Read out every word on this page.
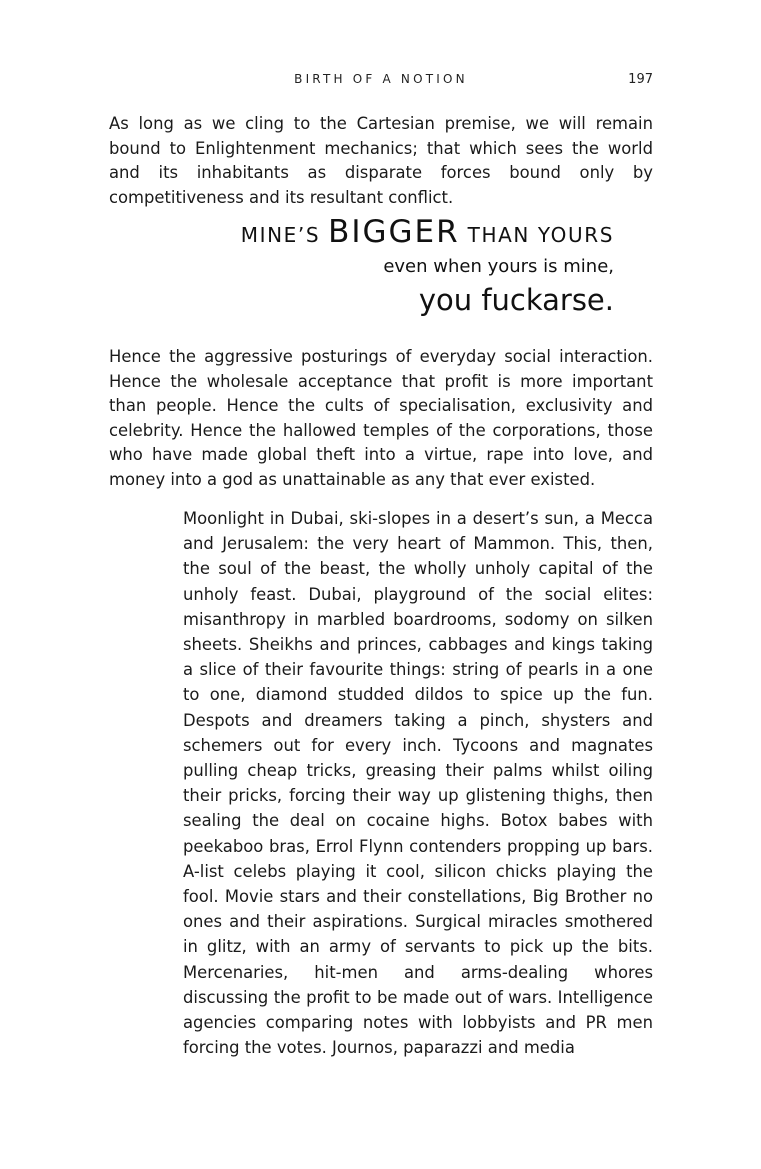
BIRTH OF A NOTION	197

As long as we cling to the Cartesian premise, we will remain bound to Enlightenment mechanics; that which sees the world and its inhabitants as disparate forces bound only by competitiveness and its resultant conflict.

MINE’S BIGGER THAN YOURS
even when yours is mine,
you fuckarse.

Hence the aggressive posturings of everyday social interaction. Hence the wholesale acceptance that profit is more important than people. Hence the cults of specialisation, exclusivity and celebrity. Hence the hallowed temples of the corporations, those who have made global theft into a virtue, rape into love, and money into a god as unattainable as any that ever existed.

Moonlight in Dubai, ski-slopes in a desert’s sun, a Mecca and Jerusalem: the very heart of Mammon. This, then, the soul of the beast, the wholly unholy capital of the unholy feast. Dubai, playground of the social elites: misanthropy in marbled boardrooms, sodomy on silken sheets. Sheikhs and princes, cabbages and kings taking a slice of their favourite things: string of pearls in a one to one, diamond studded dildos to spice up the fun. Despots and dreamers taking a pinch, shysters and schemers out for every inch. Tycoons and magnates pulling cheap tricks, greasing their palms whilst oiling their pricks, forcing their way up glistening thighs, then sealing the deal on cocaine highs. Botox babes with peekaboo bras, Errol Flynn contenders propping up bars. A-list celebs playing it cool, silicon chicks playing the fool. Movie stars and their constellations, Big Brother no ones and their aspirations. Surgical miracles smothered in glitz, with an army of servants to pick up the bits. Mercenaries, hit-men and arms-dealing whores discussing the profit to be made out of wars. Intelligence agencies comparing notes with lobbyists and PR men forcing the votes. Journos, paparazzi and media
